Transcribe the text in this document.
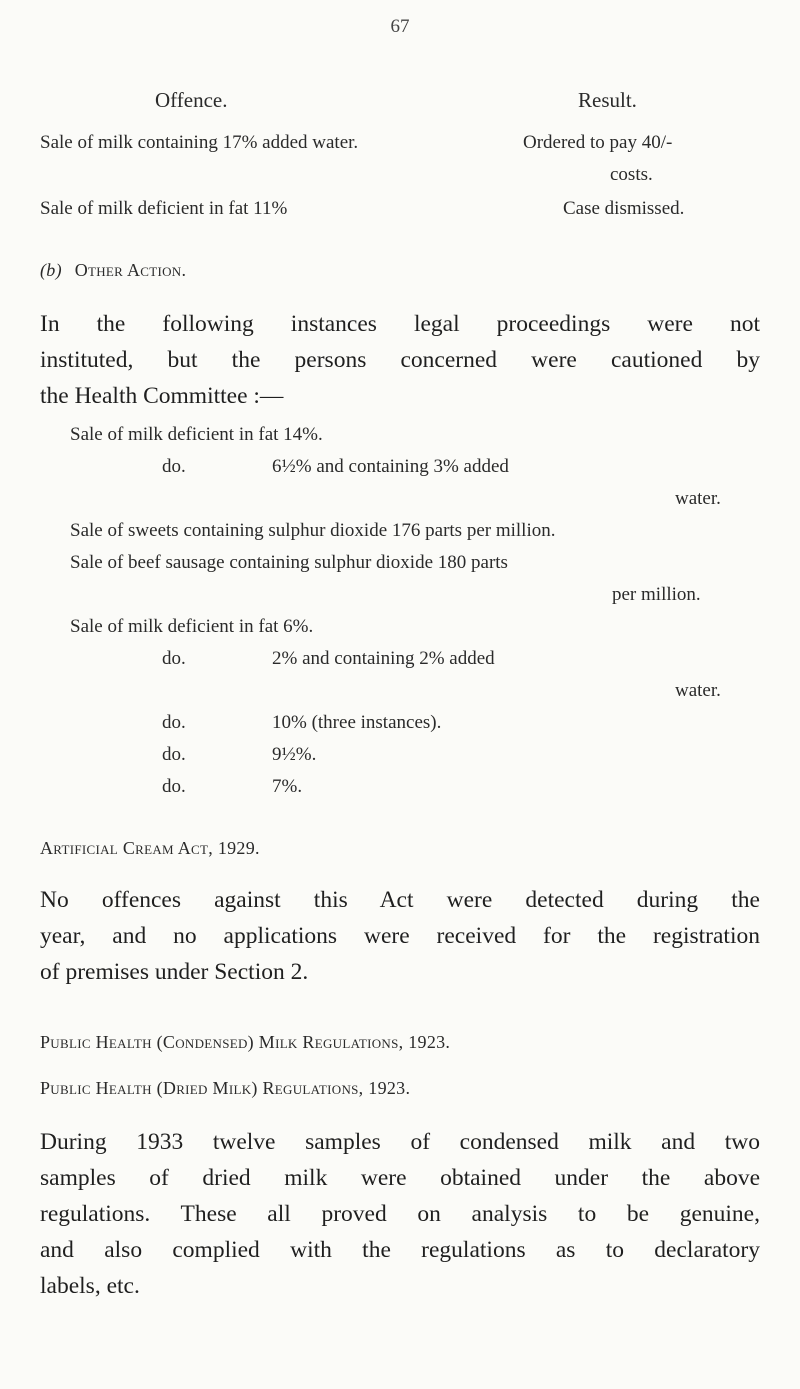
67
Offence.	Result.
Sale of milk containing 17% added water.	Ordered to pay 40/-
costs.
Sale of milk deficient in fat 11%	Case dismissed.
(b) Other Action.
In the following instances legal proceedings were not
instituted, but the persons concerned were cautioned by
the Health Committee :—
Sale of milk deficient in fat 14%.
do.	6½% and containing 3% added
water.
Sale of sweets containing sulphur dioxide 176 parts per million.
Sale of beef sausage containing sulphur dioxide 180 parts
per million.
Sale of milk deficient in fat 6%.
do.	2% and containing 2% added
water.
do.	10% (three instances).
do.	9½%.
do.	7%.
Artificial Cream Act, 1929.
No offences against this Act were detected during the
year, and no applications were received for the registration
of premises under Section 2.
Public Health (Condensed) Milk Regulations, 1923.
Public Health (Dried Milk) Regulations, 1923.
During 1933 twelve samples of condensed milk and two
samples of dried milk were obtained under the above
regulations. These all proved on analysis to be genuine,
and also complied with the regulations as to declaratory
labels, etc.
